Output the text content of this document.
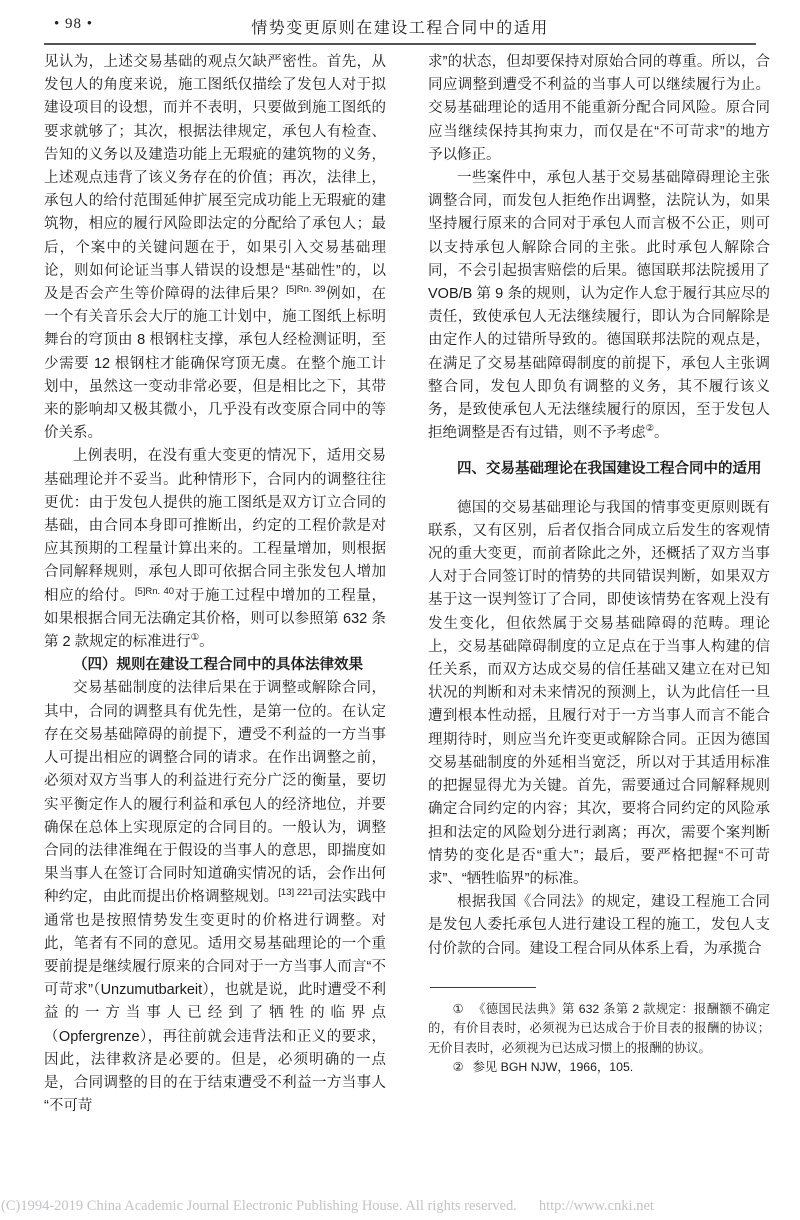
• 98 •	情势变更原则在建设工程合同中的适用

见认为，上述交易基础的观点欠缺严密性。首先，从发包人的角度来说，施工图纸仅描绘了发包人对于拟建设项目的设想，而并不表明，只要做到施工图纸的要求就够了；其次，根据法律规定，承包人有检查、告知的义务以及建造功能上无瑕疵的建筑物的义务，上述观点违背了该义务存在的价值；再次，法律上，承包人的给付范围延伸扩展至完成功能上无瑕疵的建筑物，相应的履行风险即法定的分配给了承包人；最后，个案中的关键问题在于，如果引入交易基础理论，则如何论证当事人错误的设想是“基础性”的，以及是否会产生等价障碍的法律后果？$^{[5]Rn. 39}$例如，在一个有关音乐会大厅的施工计划中，施工图纸上标明舞台的穹顶由 8 根钢柱支撑，承包人经检测证明，至少需要 12 根钢柱才能确保穹顶无虞。在整个施工计划中，虽然这一变动非常必要，但是相比之下，其带来的影响却又极其微小，几乎没有改变原合同中的等价关系。

上例表明，在没有重大变更的情况下，适用交易基础理论并不妥当。此种情形下，合同内的调整往往更优：由于发包人提供的施工图纸是双方订立合同的基础，由合同本身即可推断出，约定的工程价款是对应其预期的工程量计算出来的。工程量增加，则根据合同解释规则，承包人即可依据合同主张发包人增加相应的给付。$^{[5]Rn. 40}$对于施工过程中增加的工程量，如果根据合同无法确定其价格，则可以参照第 632 条第 2 款规定的标准进行①。

（四）规则在建设工程合同中的具体法律效果

交易基础制度的法律后果在于调整或解除合同，其中，合同的调整具有优先性，是第一位的。在认定存在交易基础障碍的前提下，遭受不利益的一方当事人可提出相应的调整合同的请求。在作出调整之前，必须对双方当事人的利益进行充分广泛的衡量，要切实平衡定作人的履行利益和承包人的经济地位，并要确保在总体上实现原定的合同目的。一般认为，调整合同的法律准绳在于假设的当事人的意思，即揣度如果当事人在签订合同时知道确实情况的话，会作出何种约定，由此而提出价格调整规划。$^{[13] 221}$司法实践中通常也是按照情势发生变更时的价格进行调整。对此，笔者有不同的意见。适用交易基础理论的一个重要前提是继续履行原来的合同对于一方当事人而言“不可苛求”（Unzumutbarkeit），也就是说，此时遭受不利益的一方当事人已经到了牺牲的临界点（Opfergrenze），再往前就会违背法和正义的要求，因此，法律救济是必要的。但是，必须明确的一点是，合同调整的目的在于结束遭受不利益一方当事人“不可苛

求”的状态，但却要保持对原始合同的尊重。所以，合同应调整到遭受不利益的当事人可以继续履行为止。交易基础理论的适用不能重新分配合同风险。原合同应当继续保持其拘束力，而仅是在“不可苛求”的地方予以修正。

一些案件中，承包人基于交易基础障碍理论主张调整合同，而发包人拒绝作出调整，法院认为，如果坚持履行原来的合同对于承包人而言极不公正，则可以支持承包人解除合同的主张。此时承包人解除合同，不会引起损害赔偿的后果。德国联邦法院援用了 VOB/B 第 9 条的规则，认为定作人怠于履行其应尽的责任，致使承包人无法继续履行，即认为合同解除是由定作人的过错所导致的。德国联邦法院的观点是，在满足了交易基础障碍制度的前提下，承包人主张调整合同，发包人即负有调整的义务，其不履行该义务，是致使承包人无法继续履行的原因，至于发包人拒绝调整是否有过错，则不予考虑②。

四、交易基础理论在我国建设工程合同中的适用

德国的交易基础理论与我国的情事变更原则既有联系，又有区别，后者仅指合同成立后发生的客观情况的重大变更，而前者除此之外，还概括了双方当事人对于合同签订时的情势的共同错误判断，如果双方基于这一误判签订了合同，即使该情势在客观上没有发生变化，但依然属于交易基础障碍的范畴。理论上，交易基础障碍制度的立足点在于当事人构建的信任关系，而双方达成交易的信任基础又建立在对已知状况的判断和对未来情况的预测上，认为此信任一旦遭到根本性动摇，且履行对于一方当事人而言不能合理期待时，则应当允许变更或解除合同。正因为德国交易基础制度的外延相当宽泛，所以对于其适用标准的把握显得尤为关键。首先，需要通过合同解释规则确定合同约定的内容；其次，要将合同约定的风险承担和法定的风险划分进行剥离；再次，需要个案判断情势的变化是否“重大”；最后，要严格把握“不可苛求”、“牺牲临界”的标准。

根据我国《合同法》的规定，建设工程施工合同是发包人委托承包人进行建设工程的施工，发包人支付价款的合同。建设工程合同从体系上看，为承揽合

① 《德国民法典》第 632 条第 2 款规定：报酬额不确定的，有价目表时，必须视为已达成合于价目表的报酬的协议；无价目表时，必须视为已达成习惯上的报酬的协议。

② 参见 BGH NJW，1966，105.

(C)1994-2019 China Academic Journal Electronic Publishing House. All rights reserved. http://www.cnki.net
